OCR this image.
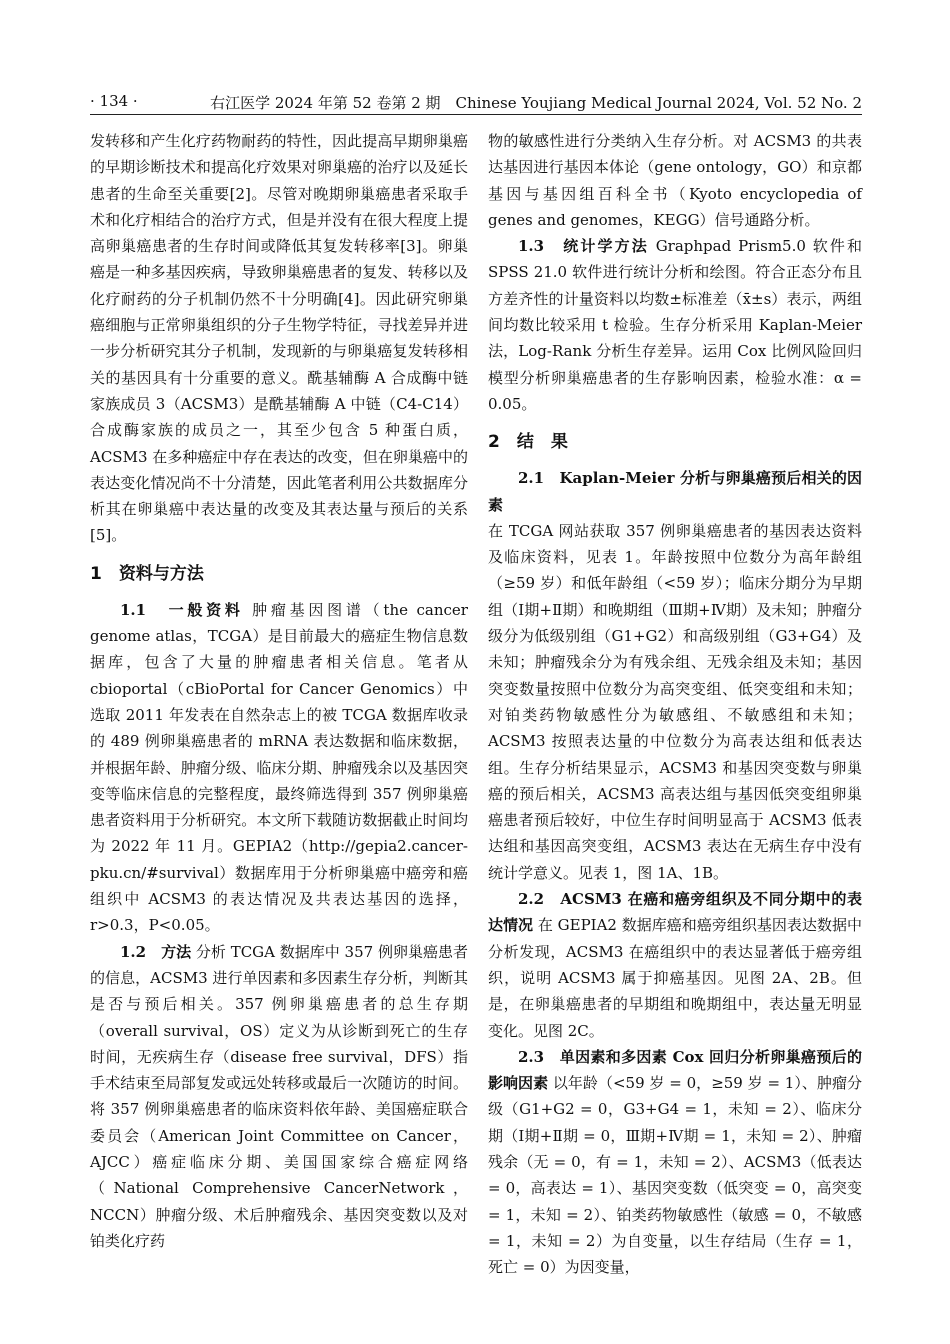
· 134 ·	右江医学 2024 年第 52 卷第 2 期　Chinese Youjiang Medical Journal 2024, Vol. 52 No. 2

发转移和产生化疗药物耐药的特性，因此提高早期卵巢癌的早期诊断技术和提高化疗效果对卵巢癌的治疗以及延长患者的生命至关重要[2]。尽管对晚期卵巢癌患者采取手术和化疗相结合的治疗方式，但是并没有在很大程度上提高卵巢癌患者的生存时间或降低其复发转移率[3]。卵巢癌是一种多基因疾病，导致卵巢癌患者的复发、转移以及化疗耐药的分子机制仍然不十分明确[4]。因此研究卵巢癌细胞与正常卵巢组织的分子生物学特征，寻找差异并进一步分析研究其分子机制，发现新的与卵巢癌复发转移相关的基因具有十分重要的意义。酰基辅酶 A 合成酶中链家族成员 3（ACSM3）是酰基辅酶 A 中链（C4-C14）合成酶家族的成员之一，其至少包含 5 种蛋白质，ACSM3 在多种癌症中存在表达的改变，但在卵巢癌中的表达变化情况尚不十分清楚，因此笔者利用公共数据库分析其在卵巢癌中表达量的改变及其表达量与预后的关系[5]。

1　资料与方法

1.1　一般资料 肿瘤基因图谱（the cancer genome atlas，TCGA）是目前最大的癌症生物信息数据库，包含了大量的肿瘤患者相关信息。笔者从 cbioportal（cBioPortal for Cancer Genomics）中选取 2011 年发表在自然杂志上的被 TCGA 数据库收录的 489 例卵巢癌患者的 mRNA 表达数据和临床数据，并根据年龄、肿瘤分级、临床分期、肿瘤残余以及基因突变等临床信息的完整程度，最终筛选得到 357 例卵巢癌患者资料用于分析研究。本文所下载随访数据截止时间均为 2022 年 11 月。GEPIA2（http://gepia2.cancer-pku.cn/#survival）数据库用于分析卵巢癌中癌旁和癌组织中 ACSM3 的表达情况及共表达基因的选择，r>0.3，P<0.05。

1.2　方法 分析 TCGA 数据库中 357 例卵巢癌患者的信息，ACSM3 进行单因素和多因素生存分析，判断其是否与预后相关。357 例卵巢癌患者的总生存期（overall survival，OS）定义为从诊断到死亡的生存时间，无疾病生存（disease free survival，DFS）指手术结束至局部复发或远处转移或最后一次随访的时间。将 357 例卵巢癌患者的临床资料依年龄、美国癌症联合委员会（American Joint Committee on Cancer，AJCC）癌症临床分期、美国国家综合癌症网络（National Comprehensive CancerNetwork，NCCN）肿瘤分级、术后肿瘤残余、基因突变数以及对铂类化疗药

物的敏感性进行分类纳入生存分析。对 ACSM3 的共表达基因进行基因本体论（gene ontology，GO）和京都基因与基因组百科全书（Kyoto encyclopedia of genes and genomes，KEGG）信号通路分析。

1.3　统计学方法 Graphpad Prism5.0 软件和 SPSS 21.0 软件进行统计分析和绘图。符合正态分布且方差齐性的计量资料以均数±标准差（x̄±s）表示，两组间均数比较采用 t 检验。生存分析采用 Kaplan-Meier 法，Log-Rank 分析生存差异。运用 Cox 比例风险回归模型分析卵巢癌患者的生存影响因素，检验水准：α = 0.05。

2　结　果

2.1　Kaplan-Meier 分析与卵巢癌预后相关的因素
在 TCGA 网站获取 357 例卵巢癌患者的基因表达资料及临床资料，见表 1。年龄按照中位数分为高年龄组（≥59 岁）和低年龄组（<59 岁）；临床分期分为早期组（Ⅰ期+Ⅱ期）和晚期组（Ⅲ期+Ⅳ期）及未知；肿瘤分级分为低级别组（G1+G2）和高级别组（G3+G4）及未知；肿瘤残余分为有残余组、无残余组及未知；基因突变数量按照中位数分为高突变组、低突变组和未知；对铂类药物敏感性分为敏感组、不敏感组和未知；ACSM3 按照表达量的中位数分为高表达组和低表达组。生存分析结果显示，ACSM3 和基因突变数与卵巢癌的预后相关，ACSM3 高表达组与基因低突变组卵巢癌患者预后较好，中位生存时间明显高于 ACSM3 低表达组和基因高突变组，ACSM3 表达在无病生存中没有统计学意义。见表 1，图 1A、1B。

2.2　ACSM3 在癌和癌旁组织及不同分期中的表达情况 在 GEPIA2 数据库癌和癌旁组织基因表达数据中分析发现，ACSM3 在癌组织中的表达显著低于癌旁组织，说明 ACSM3 属于抑癌基因。见图 2A、2B。但是，在卵巢癌患者的早期组和晚期组中，表达量无明显变化。见图 2C。

2.3　单因素和多因素 Cox 回归分析卵巢癌预后的影响因素 以年龄（<59 岁 = 0，≥59 岁 = 1）、肿瘤分级（G1+G2 = 0，G3+G4 = 1，未知 = 2）、临床分期（Ⅰ期+Ⅱ期 = 0，Ⅲ期+Ⅳ期 = 1，未知 = 2）、肿瘤残余（无 = 0，有 = 1，未知 = 2）、ACSM3（低表达 = 0，高表达 = 1）、基因突变数（低突变 = 0，高突变 = 1，未知 = 2）、铂类药物敏感性（敏感 = 0，不敏感 = 1，未知 = 2）为自变量，以生存结局（生存 = 1，死亡 = 0）为因变量，
